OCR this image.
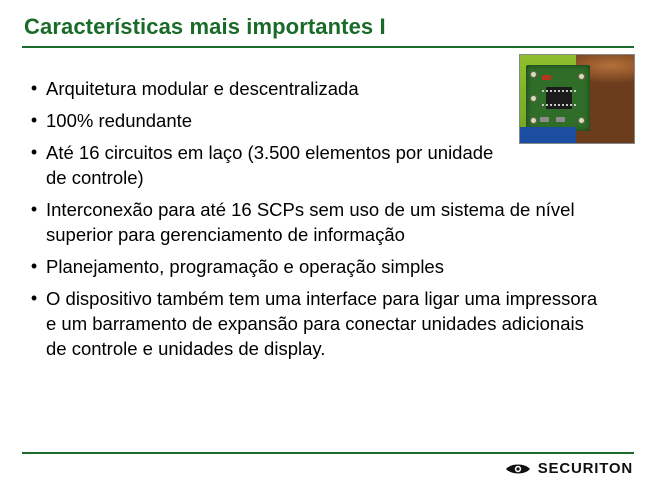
Características mais importantes I
• Arquitetura modular e descentralizada
• 100% redundante
• Até 16 circuitos em laço (3.500 elementos por unidade de controle)
• Interconexão para até 16 SCPs sem uso de um sistema de nível superior para gerenciamento de informação
• Planejamento, programação e operação simples
• O dispositivo também tem uma interface para ligar uma impressora e um barramento de expansão para conectar unidades adicionais de controle e unidades de display.
SECURITON
